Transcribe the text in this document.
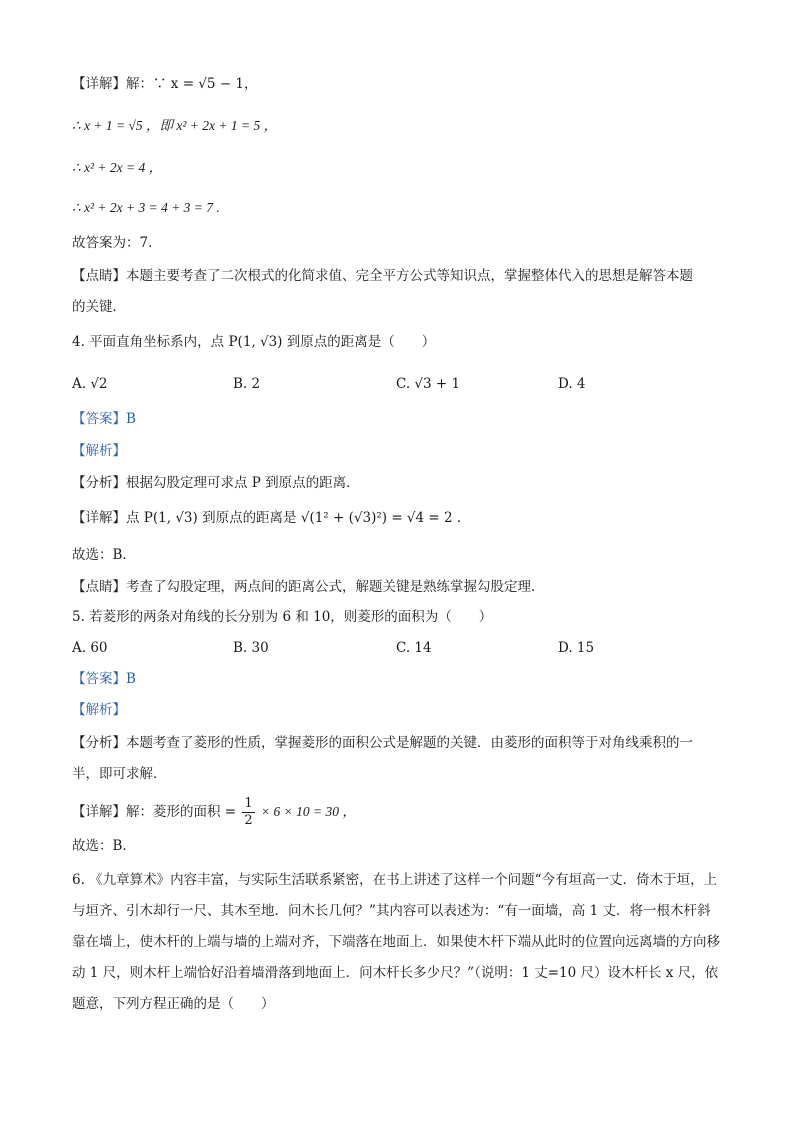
【详解】解：∵ x = √5 − 1，
∴ x + 1 = √5 ，即 x² + 2x + 1 = 5 ，
∴ x² + 2x = 4 ，
∴ x² + 2x + 3 = 4 + 3 = 7 .
故答案为：7．
【点睛】本题主要考查了二次根式的化简求值、完全平方公式等知识点，掌握整体代入的思想是解答本题
的关键．
4. 平面直角坐标系内，点 P(1, √3) 到原点的距离是（　　）
A. √2	B. 2	C. √3 + 1	D. 4
【答案】B
【解析】
【分析】根据勾股定理可求点 P 到原点的距离．
【详解】点 P(1, √3) 到原点的距离是 √(1² + (√3)²) = √4 = 2 .
故选：B．
【点睛】考查了勾股定理，两点间的距离公式，解题关键是熟练掌握勾股定理．
5. 若菱形的两条对角线的长分别为 6 和 10，则菱形的面积为（　　）
A. 60	B. 30	C. 14	D. 15
【答案】B
【解析】
【分析】本题考查了菱形的性质，掌握菱形的面积公式是解题的关键．由菱形的面积等于对角线乘积的一
半，即可求解．
【详解】解：菱形的面积 = $\frac{1}{2} \times 6 \times 10 = 30$ ，
故选：B．
6. 《九章算术》内容丰富，与实际生活联系紧密，在书上讲述了这样一个问题“今有垣高一丈．倚木于垣，上与垣齐、引木却行一尺、其木至地．问木长几何？”其内容可以表述为：“有一面墙，高 1 丈．将一根木杆斜靠在墙上，使木杆的上端与墙的上端对齐，下端落在地面上．如果使木杆下端从此时的位置向远离墙的方向移动 1 尺，则木杆上端恰好沿着墙滑落到地面上．问木杆长多少尺？”（说明：1 丈=10 尺）设木杆长 x 尺，依题意，下列方程正确的是（　　）
